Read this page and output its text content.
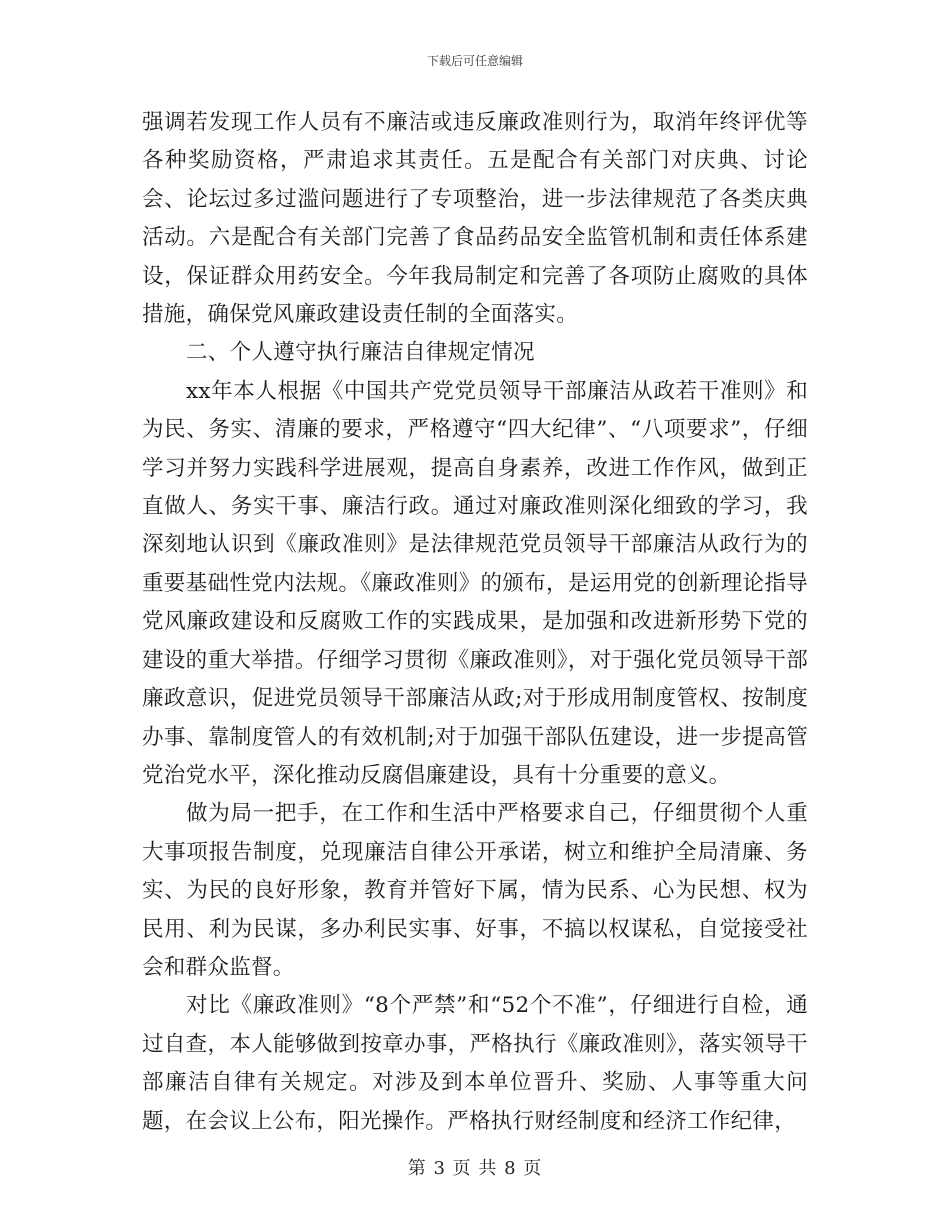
下载后可任意编辑

强调若发现工作人员有不廉洁或违反廉政准则行为，取消年终评优等各种奖励资格，严肃追求其责任。五是配合有关部门对庆典、讨论会、论坛过多过滥问题进行了专项整治，进一步法律规范了各类庆典活动。六是配合有关部门完善了食品药品安全监管机制和责任体系建设，保证群众用药安全。今年我局制定和完善了各项防止腐败的具体措施，确保党风廉政建设责任制的全面落实。

二、个人遵守执行廉洁自律规定情况

xx年本人根据《中国共产党党员领导干部廉洁从政若干准则》和为民、务实、清廉的要求，严格遵守“四大纪律”、“八项要求”，仔细学习并努力实践科学进展观，提高自身素养，改进工作作风，做到正直做人、务实干事、廉洁行政。通过对廉政准则深化细致的学习，我深刻地认识到《廉政准则》是法律规范党员领导干部廉洁从政行为的重要基础性党内法规。《廉政准则》的颁布，是运用党的创新理论指导党风廉政建设和反腐败工作的实践成果，是加强和改进新形势下党的建设的重大举措。仔细学习贯彻《廉政准则》，对于强化党员领导干部廉政意识，促进党员领导干部廉洁从政;对于形成用制度管权、按制度办事、靠制度管人的有效机制;对于加强干部队伍建设，进一步提高管党治党水平，深化推动反腐倡廉建设，具有十分重要的意义。

做为局一把手，在工作和生活中严格要求自己，仔细贯彻个人重大事项报告制度，兑现廉洁自律公开承诺，树立和维护全局清廉、务实、为民的良好形象，教育并管好下属，情为民系、心为民想、权为民用、利为民谋，多办利民实事、好事，不搞以权谋私，自觉接受社会和群众监督。

对比《廉政准则》“8个严禁”和“52个不准”，仔细进行自检，通过自查，本人能够做到按章办事，严格执行《廉政准则》，落实领导干部廉洁自律有关规定。对涉及到本单位晋升、奖励、人事等重大问题，在会议上公布，阳光操作。严格执行财经制度和经济工作纪律，

第 3 页 共 8 页
